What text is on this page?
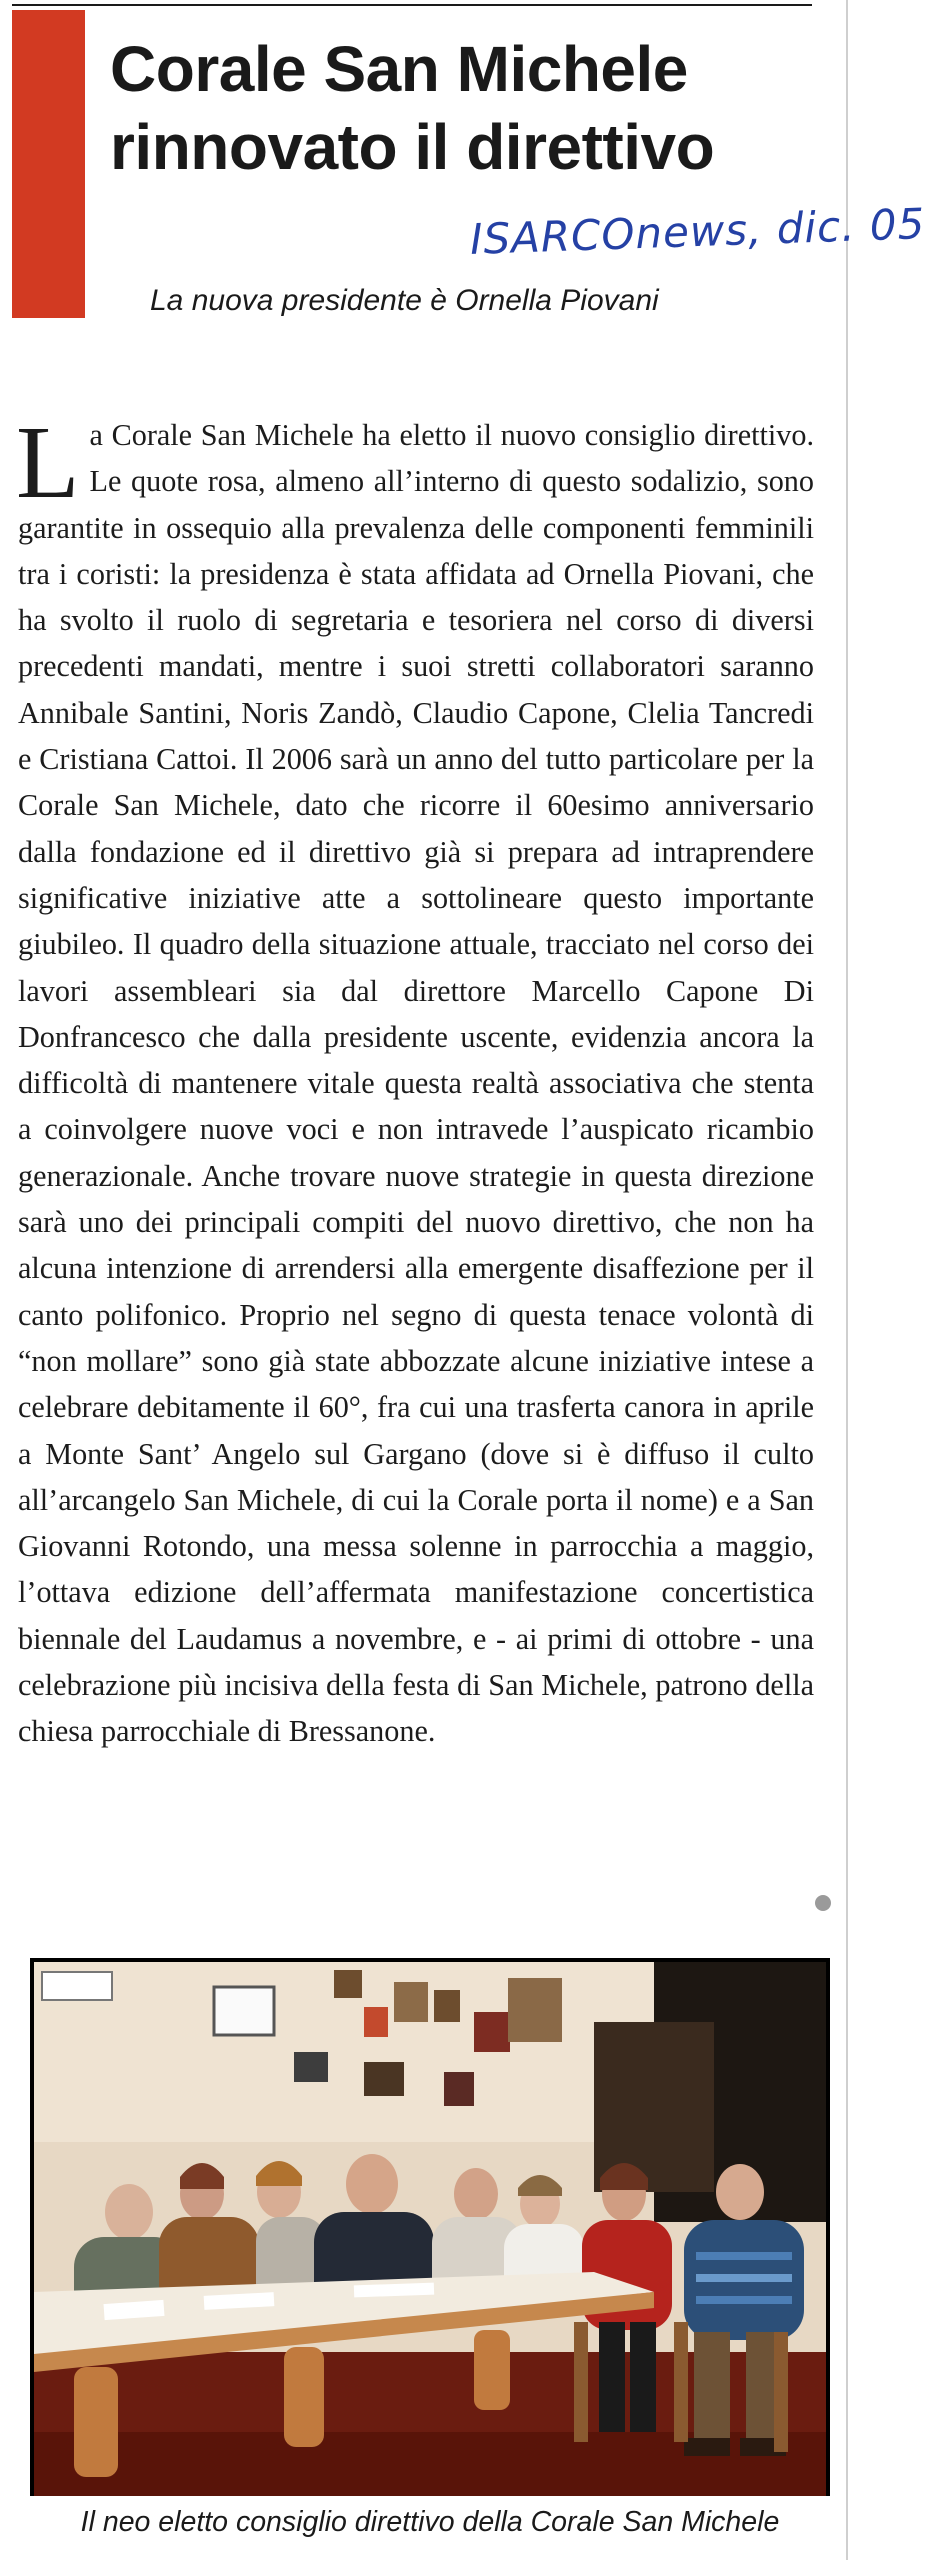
Corale San Michele
rinnovato il direttivo
ISARCOnews, dic. 05

La nuova presidente è Ornella Piovani

La Corale San Michele ha eletto il nuovo consiglio direttivo. Le quote rosa, almeno all’interno di questo sodalizio, sono garantite in ossequio alla prevalenza delle componenti femminili tra i coristi: la presidenza è stata affidata ad Ornella Piovani, che ha svolto il ruolo di segretaria e tesoriera nel corso di diversi precedenti mandati, mentre i suoi stretti collaboratori saranno Annibale Santini, Noris Zandò, Claudio Capone, Clelia Tancredi e Cristiana Cattoi. Il 2006 sarà un anno del tutto particolare per la Corale San Michele, dato che ricorre il 60esimo anniversario dalla fondazione ed il direttivo già si prepara ad intraprendere significative iniziative atte a sottolineare questo importante giubileo. Il quadro della situazione attuale, tracciato nel corso dei lavori assembleari sia dal direttore Marcello Capone Di Donfrancesco che dalla presidente uscente, evidenzia ancora la difficoltà di mantenere vitale questa realtà associativa che stenta a coinvolgere nuove voci e non intravede l’auspicato ricambio generazionale. Anche trovare nuove strategie in questa direzione sarà uno dei principali compiti del nuovo direttivo, che non ha alcuna intenzione di arrendersi alla emergente disaffezione per il canto polifonico. Proprio nel segno di questa tenace volontà di “non mollare” sono già state abbozzate alcune iniziative intese a celebrare debitamente il 60°, fra cui una trasferta canora in aprile a Monte Sant’ Angelo sul Gargano (dove si è diffuso il culto all’arcangelo San Michele, di cui la Corale porta il nome) e a San Giovanni Rotondo, una messa solenne in parrocchia a maggio, l’ottava edizione dell’affermata manifestazione concertistica biennale del Laudamus a novembre, e - ai primi di ottobre - una celebrazione più incisiva della festa di San Michele, patrono della chiesa parrocchiale di Bressanone.

Il neo eletto consiglio direttivo della Corale San Michele
